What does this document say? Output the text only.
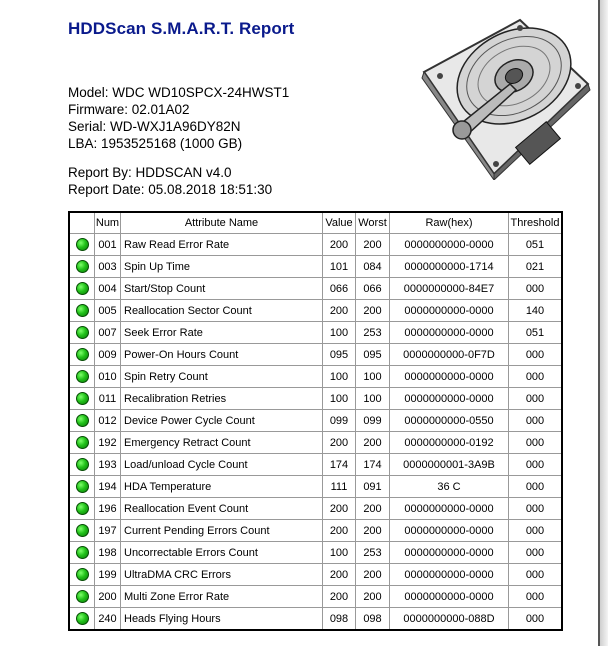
HDDScan S.M.A.R.T. Report
Model: WDC WD10SPCX-24HWST1
Firmware: 02.01A02
Serial: WD-WXJ1A96DY82N
LBA: 1953525168 (1000 GB)
Report By: HDDSCAN v4.0
Report Date: 05.08.2018 18:51:30
	Num	Attribute Name	Value	Worst	Raw(hex)	Threshold
	001	Raw Read Error Rate	200	200	0000000000-0000	051
	003	Spin Up Time	101	084	0000000000-1714	021
	004	Start/Stop Count	066	066	0000000000-84E7	000
	005	Reallocation Sector Count	200	200	0000000000-0000	140
	007	Seek Error Rate	100	253	0000000000-0000	051
	009	Power-On Hours Count	095	095	0000000000-0F7D	000
	010	Spin Retry Count	100	100	0000000000-0000	000
	011	Recalibration Retries	100	100	0000000000-0000	000
	012	Device Power Cycle Count	099	099	0000000000-0550	000
	192	Emergency Retract Count	200	200	0000000000-0192	000
	193	Load/unload Cycle Count	174	174	0000000001-3A9B	000
	194	HDA Temperature	111	091	36 C	000
	196	Reallocation Event Count	200	200	0000000000-0000	000
	197	Current Pending Errors Count	200	200	0000000000-0000	000
	198	Uncorrectable Errors Count	100	253	0000000000-0000	000
	199	UltraDMA CRC Errors	200	200	0000000000-0000	000
	200	Multi Zone Error Rate	200	200	0000000000-0000	000
	240	Heads Flying Hours	098	098	0000000000-088D	000
